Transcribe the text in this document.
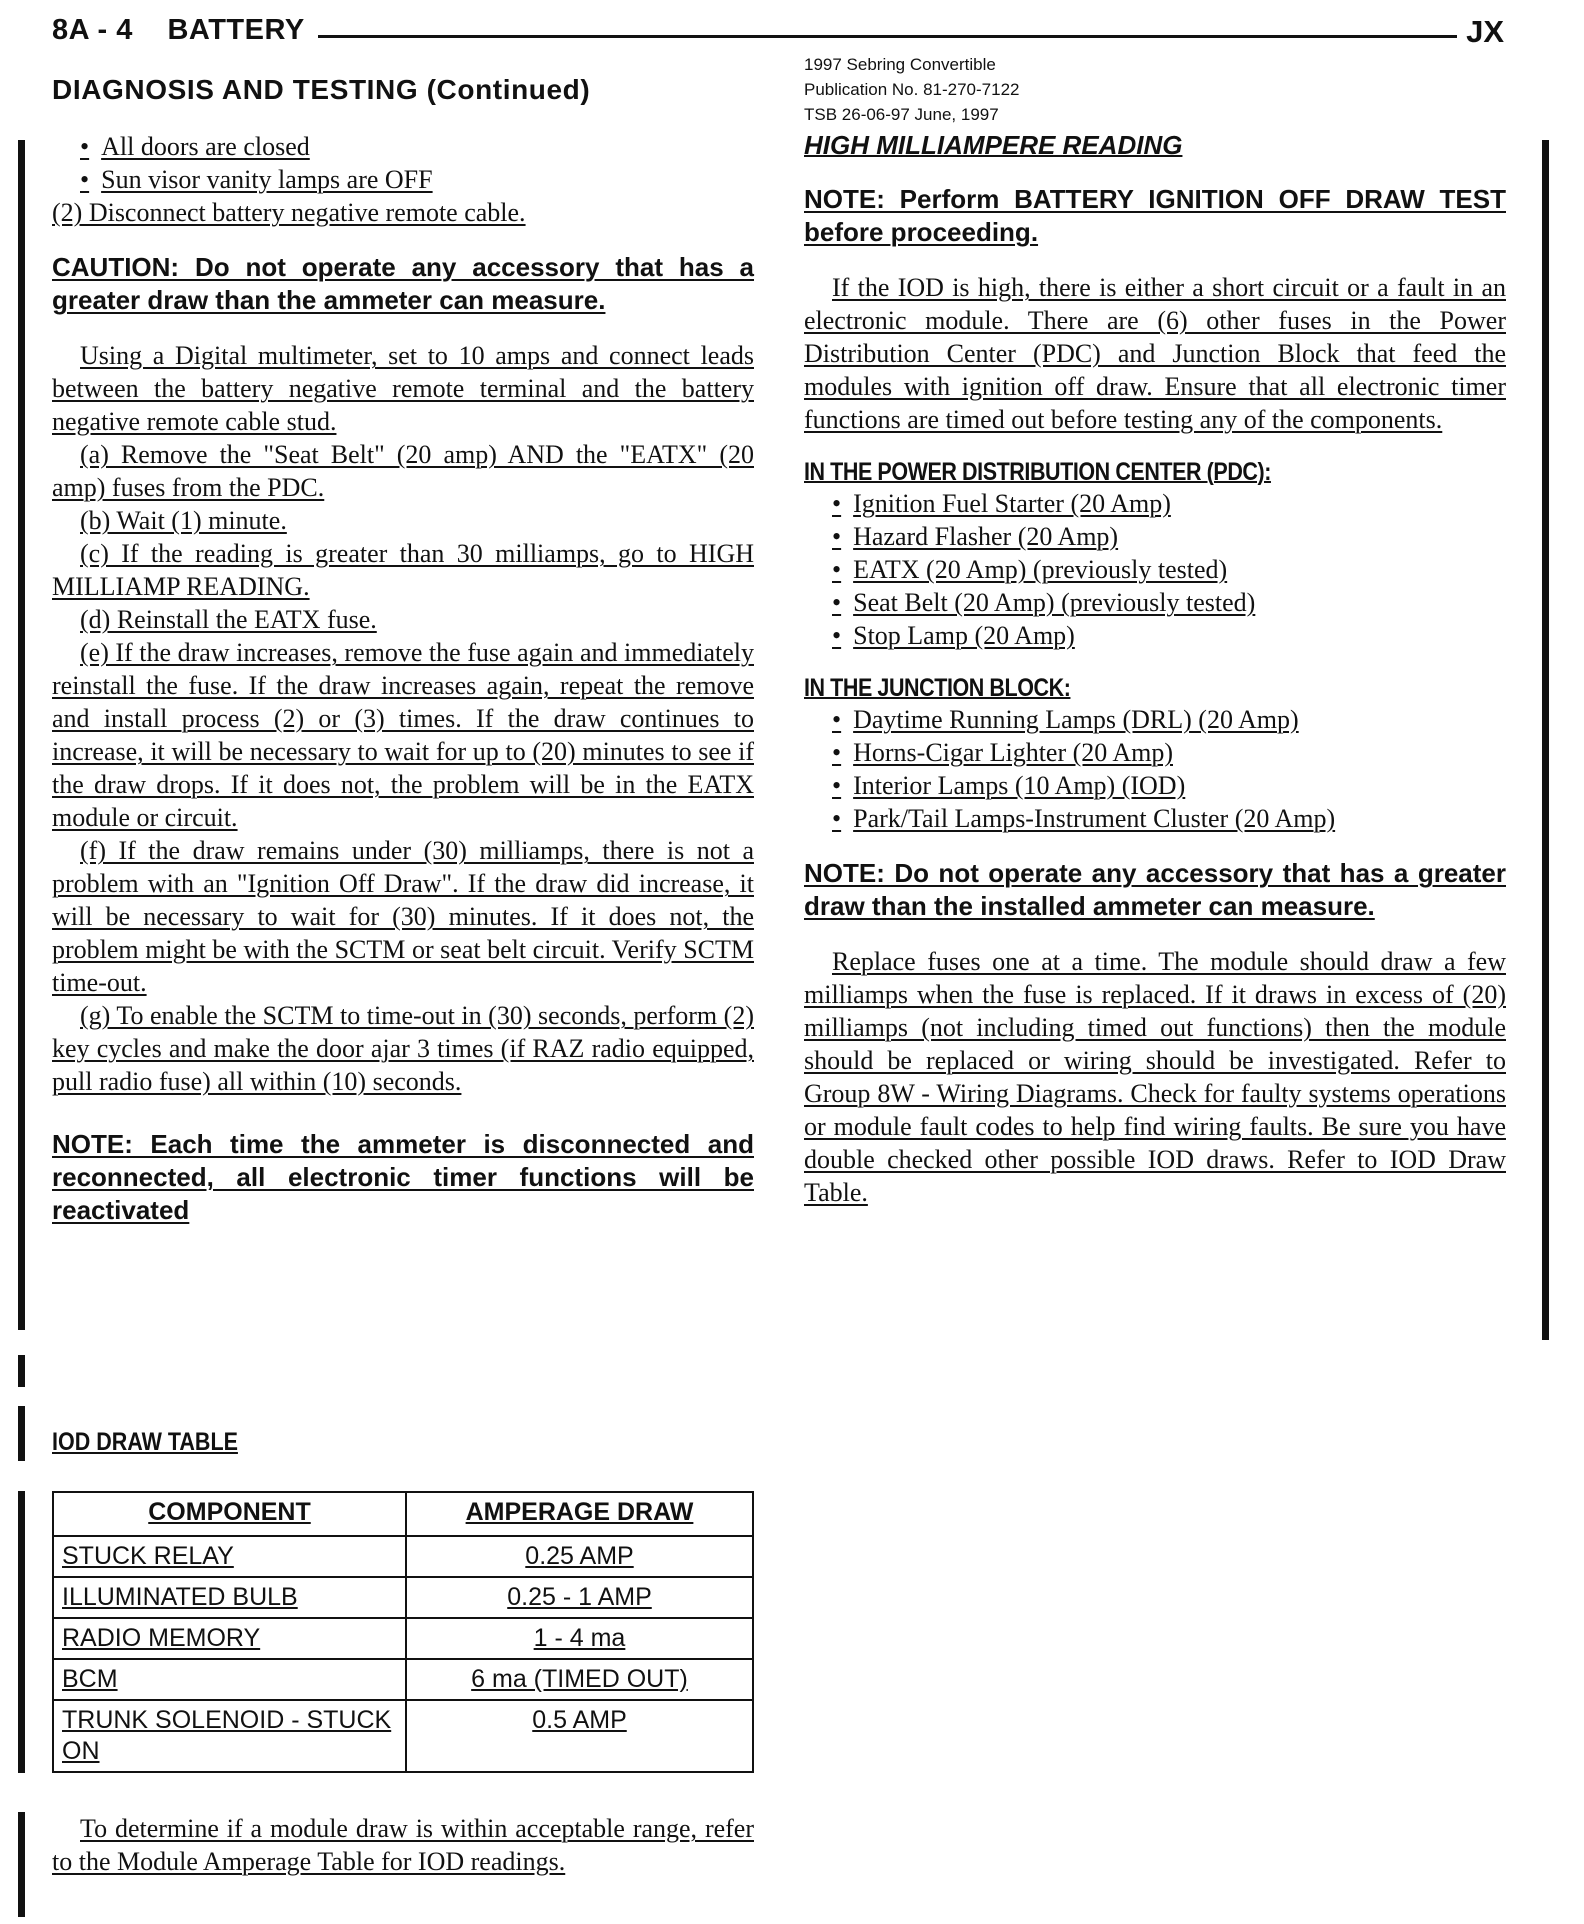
8A - 4 BATTERY	JX
DIAGNOSIS AND TESTING (Continued)
1997 Sebring Convertible
Publication No. 81-270-7122
TSB 26-06-97 June, 1997

• All doors are closed

• Sun visor vanity lamps are OFF

(2) Disconnect battery negative remote cable.

CAUTION: Do not operate any accessory that has a greater draw than the ammeter can measure.

Using a Digital multimeter, set to 10 amps and connect leads between the battery negative remote terminal and the battery negative remote cable stud.

(a) Remove the "Seat Belt" (20 amp) AND the "EATX" (20 amp) fuses from the PDC.

(b) Wait (1) minute.

(c) If the reading is greater than 30 milliamps, go to HIGH MILLIAMP READING.

(d) Reinstall the EATX fuse.

(e) If the draw increases, remove the fuse again and immediately reinstall the fuse. If the draw increases again, repeat the remove and install process (2) or (3) times. If the draw continues to increase, it will be necessary to wait for up to (20) minutes to see if the draw drops. If it does not, the problem will be in the EATX module or circuit.

(f) If the draw remains under (30) milliamps, there is not a problem with an "Ignition Off Draw". If the draw did increase, it will be necessary to wait for (30) minutes. If it does not, the problem might be with the SCTM or seat belt circuit. Verify SCTM time-out.

(g) To enable the SCTM to time-out in (30) seconds, perform (2) key cycles and make the door ajar 3 times (if RAZ radio equipped, pull radio fuse) all within (10) seconds.

NOTE: Each time the ammeter is disconnected and reconnected, all electronic timer functions will be reactivated

HIGH MILLIAMPERE READING

NOTE: Perform BATTERY IGNITION OFF DRAW TEST before proceeding.

If the IOD is high, there is either a short circuit or a fault in an electronic module. There are (6) other fuses in the Power Distribution Center (PDC) and Junction Block that feed the modules with ignition off draw. Ensure that all electronic timer functions are timed out before testing any of the components.

IN THE POWER DISTRIBUTION CENTER (PDC):

• Ignition Fuel Starter (20 Amp)

• Hazard Flasher (20 Amp)

• EATX (20 Amp) (previously tested)

• Seat Belt (20 Amp) (previously tested)

• Stop Lamp (20 Amp)

IN THE JUNCTION BLOCK:

• Daytime Running Lamps (DRL) (20 Amp)

• Horns-Cigar Lighter (20 Amp)

• Interior Lamps (10 Amp) (IOD)

• Park/Tail Lamps-Instrument Cluster (20 Amp)

NOTE: Do not operate any accessory that has a greater draw than the installed ammeter can measure.

Replace fuses one at a time. The module should draw a few milliamps when the fuse is replaced. If it draws in excess of (20) milliamps (not including timed out functions) then the module should be replaced or wiring should be investigated. Refer to Group 8W - Wiring Diagrams. Check for faulty systems operations or module fault codes to help find wiring faults. Be sure you have double checked other possible IOD draws. Refer to IOD Draw Table.

IOD DRAW TABLE
COMPONENT	AMPERAGE DRAW
STUCK RELAY	0.25 AMP
ILLUMINATED BULB	0.25 - 1 AMP
RADIO MEMORY	1 - 4 ma
BCM	6 ma (TIMED OUT)
TRUNK SOLENOID - STUCK ON	0.5 AMP

To determine if a module draw is within acceptable range, refer to the Module Amperage Table for IOD readings.
